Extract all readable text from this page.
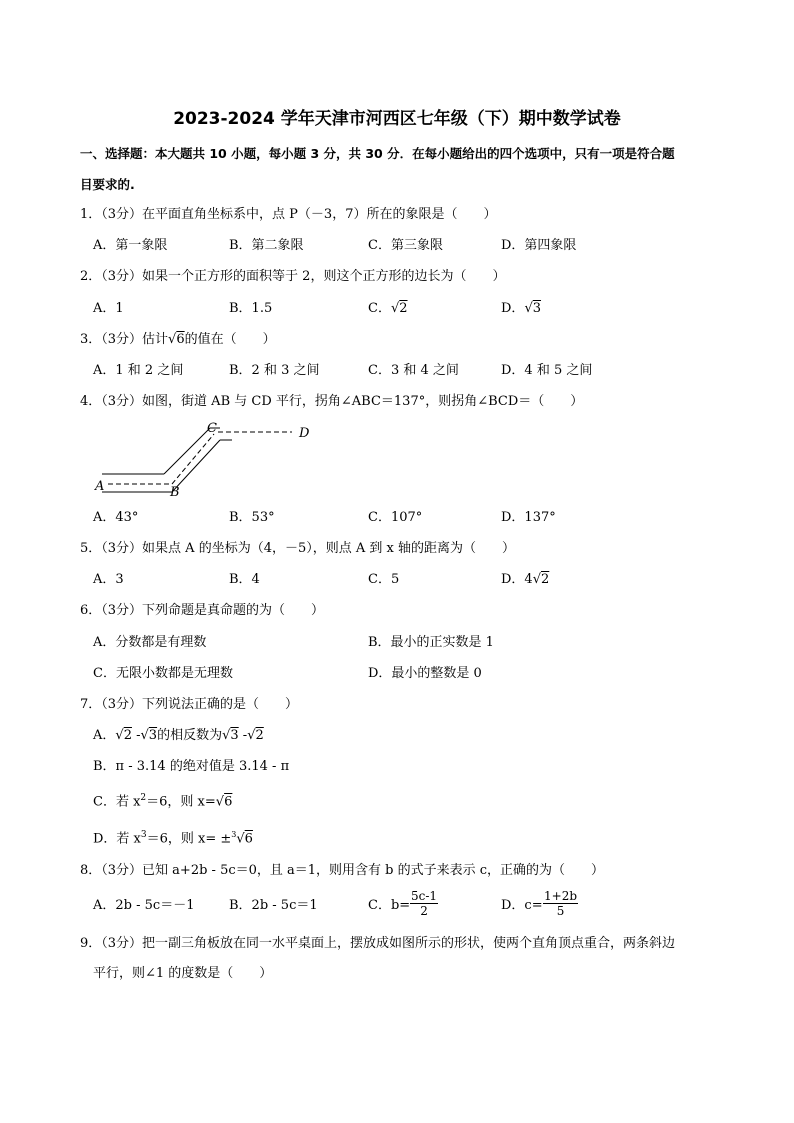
2023-2024 学年天津市河西区七年级（下）期中数学试卷
一、选择题：本大题共 10 小题，每小题 3 分，共 30 分．在每小题给出的四个选项中，只有一项是符合题
目要求的.
1．（3分）在平面直角坐标系中，点 P（－3，7）所在的象限是（　　）
A．第一象限	B．第二象限	C．第三象限	D．第四象限
2．（3分）如果一个正方形的面积等于 2，则这个正方形的边长为（　　）
A．1	B．1.5	C．√2	D．√3
3．（3分）估计√6的值在（　　）
A．1 和 2 之间	B．2 和 3 之间	C．3 和 4 之间	D．4 和 5 之间
4．（3分）如图，街道 AB 与 CD 平行，拐角∠ABC＝137°，则拐角∠BCD＝（　　）
A	B
C	D
A．43°	B．53°	C．107°	D．137°
5．（3分）如果点 A 的坐标为（4，－5），则点 A 到 x 轴的距离为（　　）
A．3	B．4	C．5	D．4√2
6．（3分）下列命题是真命题的为（　　）
A．分数都是有理数	B．最小的正实数是 1
C．无限小数都是无理数	D．最小的整数是 0
7．（3分）下列说法正确的是（　　）
A．√2 -√3的相反数为√3 -√2
B．π - 3.14 的绝对值是 3.14 - π
C．若 $x^2=6$，则 x=√6
D．若 $x^3=6$，则 x= ±$^3$√6
8．（3分）已知 a+2b - 5c＝0，且 a＝1，则用含有 b 的式子来表示 c，正确的为（　　）
A．2b - 5c＝－1	B．2b - 5c＝1	C．$b= \frac{5c-1}{2}$	D．$c= \frac{1+2b}{5}$
9．（3分）把一副三角板放在同一水平桌面上，摆放成如图所示的形状，使两个直角顶点重合，两条斜边
平行，则∠1 的度数是（　　）
